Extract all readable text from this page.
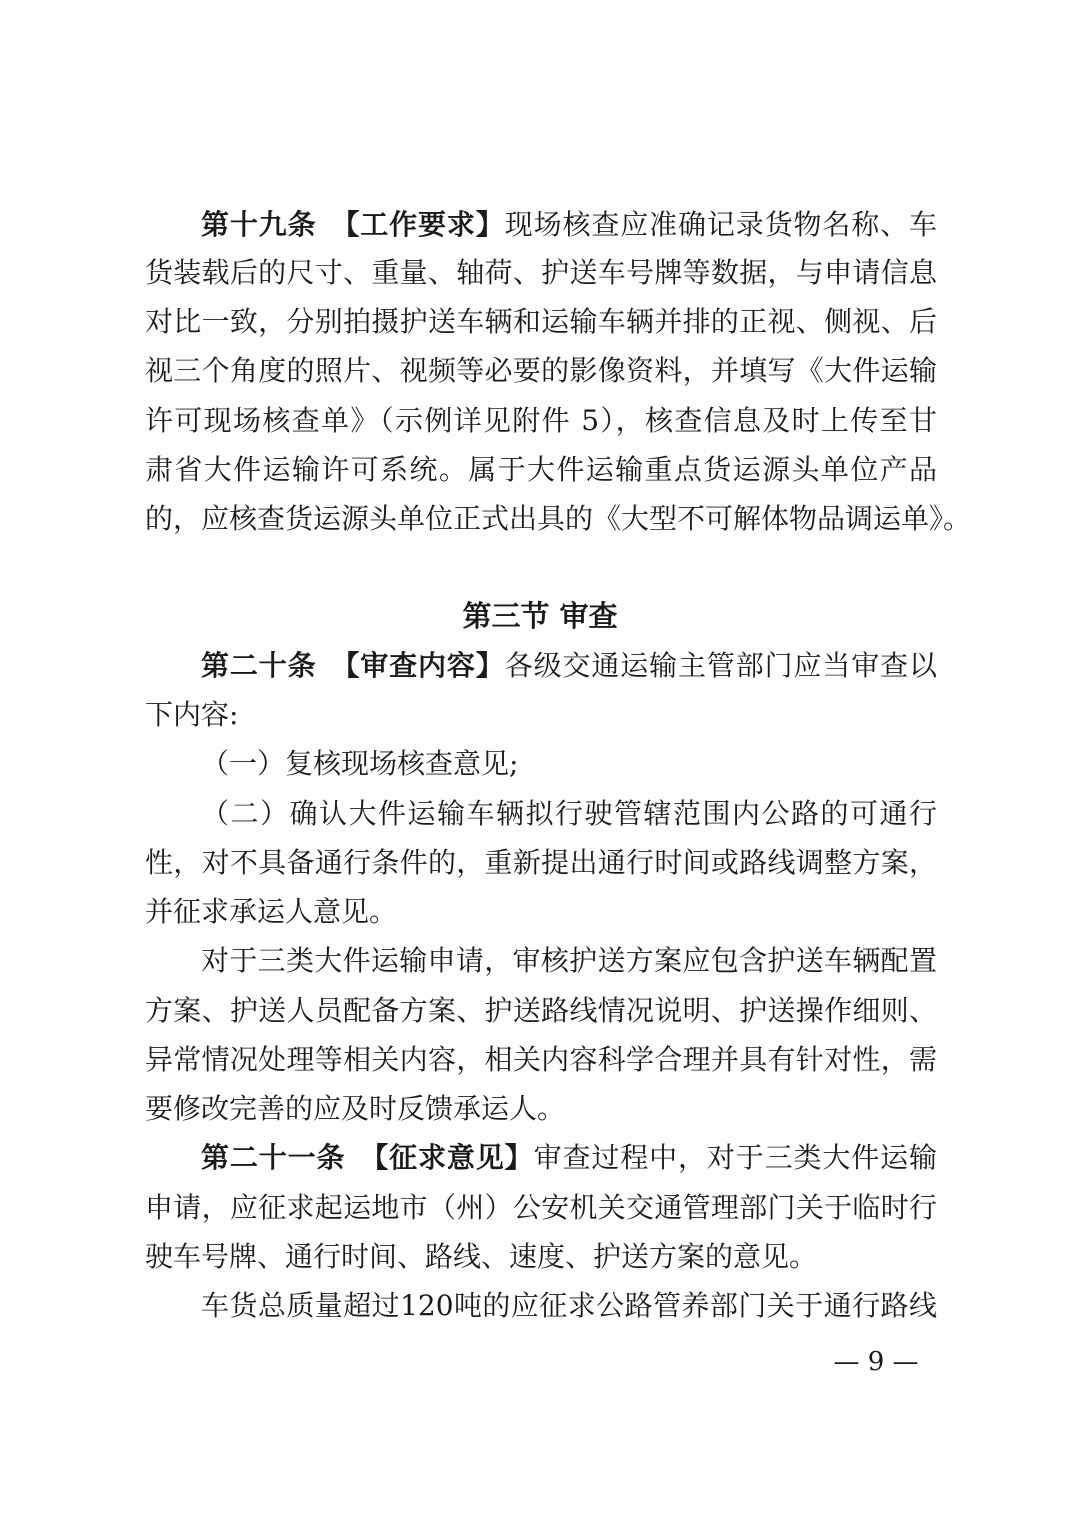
第十九条　 【工作要求】现场核查应准确记录货物名称、车
货装载后的尺寸、重量、轴荷、护送车号牌等数据，与申请信息
对比一致，分别拍摄护送车辆和运输车辆并排的正视、侧视、后
视三个角度的照片、视频等必要的影像资料，并填写《大件运输
许可现场核查单》（示例详见附件 5），核查信息及时上传至甘
肃省大件运输许可系统。属于大件运输重点货运源头单位产品
的，应核查货运源头单位正式出具的《大型不可解体物品调运单》。
第三节 审查
第二十条　 【审查内容】各级交通运输主管部门应当审查以
下内容:
（一）复核现场核查意见;
（二）确认大件运输车辆拟行驶管辖范围内公路的可通行
性，对不具备通行条件的，重新提出通行时间或路线调整方案，
并征求承运人意见。
对于三类大件运输申请，审核护送方案应包含护送车辆配置
方案、护送人员配备方案、护送路线情况说明、护送操作细则、
异常情况处理等相关内容，相关内容科学合理并具有针对性，需
要修改完善的应及时反馈承运人。
第二十一条　 【征求意见】审查过程中，对于三类大件运输
申请，应征求起运地市（州）公安机关交通管理部门关于临时行
驶车号牌、通行时间、路线、速度、护送方案的意见。
车货总质量超过120吨的应征求公路管养部门关于通行路线
— 9 —
